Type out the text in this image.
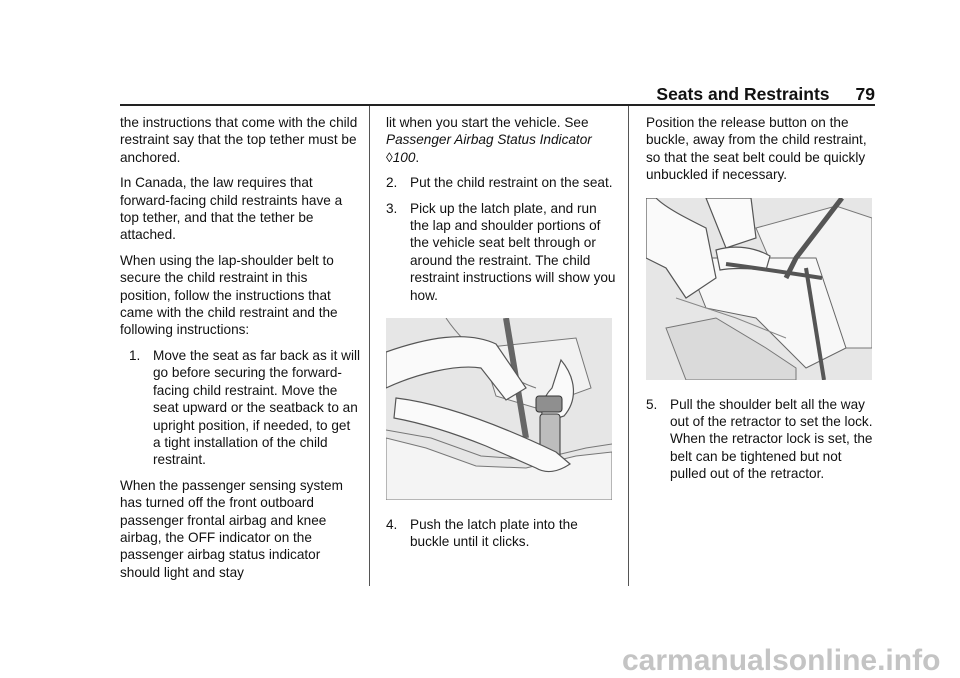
Seats and Restraints 79

the instructions that come with the child restraint say that the top tether must be anchored.

In Canada, the law requires that forward-facing child restraints have a top tether, and that the tether be attached.

When using the lap-shoulder belt to secure the child restraint in this position, follow the instructions that came with the child restraint and the following instructions:

1. Move the seat as far back as it will go before securing the forward-facing child restraint. Move the seat upward or the seatback to an upright position, if needed, to get a tight installation of the child restraint.

When the passenger sensing system has turned off the front outboard passenger frontal airbag and knee airbag, the OFF indicator on the passenger airbag status indicator should light and stay

lit when you start the vehicle. See Passenger Airbag Status Indicator ◊100.

2. Put the child restraint on the seat.
3. Pick up the latch plate, and run the lap and shoulder portions of the vehicle seat belt through or around the restraint. The child restraint instructions will show you how.
4. Push the latch plate into the buckle until it clicks.

Position the release button on the buckle, away from the child restraint, so that the seat belt could be quickly unbuckled if necessary.

5. Pull the shoulder belt all the way out of the retractor to set the lock. When the retractor lock is set, the belt can be tightened but not pulled out of the retractor.
carmanualsonline.info
